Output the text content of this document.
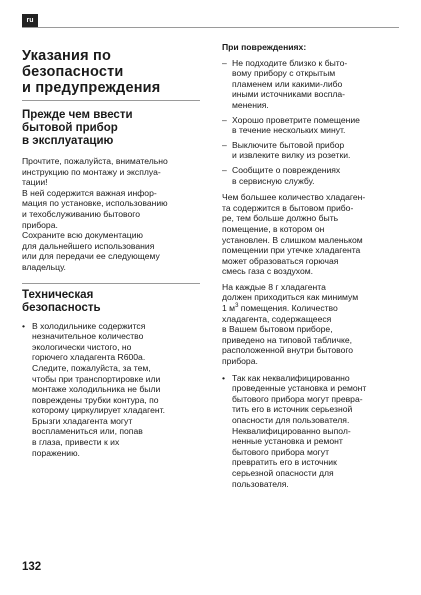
ru
Указания по
безопасности
и предупреждения
Прежде чем ввести
бытовой прибор
в эксплуатацию

Прочтите, пожалуйста, внимательно
инструкцию по монтажу и эксплуа-
тации!
В ней содержится важная инфор-
мация по установке, использованию
и техобслуживанию бытового
прибора.
Сохраните всю документацию
для дальнейшего использования
или для передачи ее следующему
владельцу.

Техническая
безопасность
• В холодильнике содержится
незначительное количество
экологически чистого, но
горючего хладагента R600a.
Следите, пожалуйста, за тем,
чтобы при транспортировке или
монтаже холодильника не были
повреждены трубки контура, по
которому циркулирует хладагент.
Брызги хладагента могут
воспламениться или, попав
в глаза, привести к их
поражению.

При повреждениях:

– Не подходите близко к быто-
вому прибору с открытым
пламенем или какими-либо
иными источниками воспла-
менения.

– Хорошо проветрите помещение
в течение нескольких минут.

– Выключите бытовой прибор
и извлеките вилку из розетки.

– Сообщите о повреждениях
в сервисную службу.

Чем большее количество хладаген-
та содержится в бытовом прибо-
ре, тем больше должно быть
помещение, в котором он
установлен. В слишком маленьком
помещении при утечке хладагента
может образоваться горючая
смесь газа с воздухом.

На каждые 8 г хладагента
должен приходиться как минимум
1 $м^3$ помещения. Количество
хладагента, содержащееся
в Вашем бытовом приборе,
приведено на типовой табличке,
расположенной внутри бытового
прибора.

• Так как неквалифицированно
проведенные установка и ремонт
бытового прибора могут превра-
тить его в источник серьезной
опасности для пользователя.
Неквалифицированно выпол-
ненные установка и ремонт
бытового прибора могут
превратить его в источник
серьезной опасности для
пользователя.

132
